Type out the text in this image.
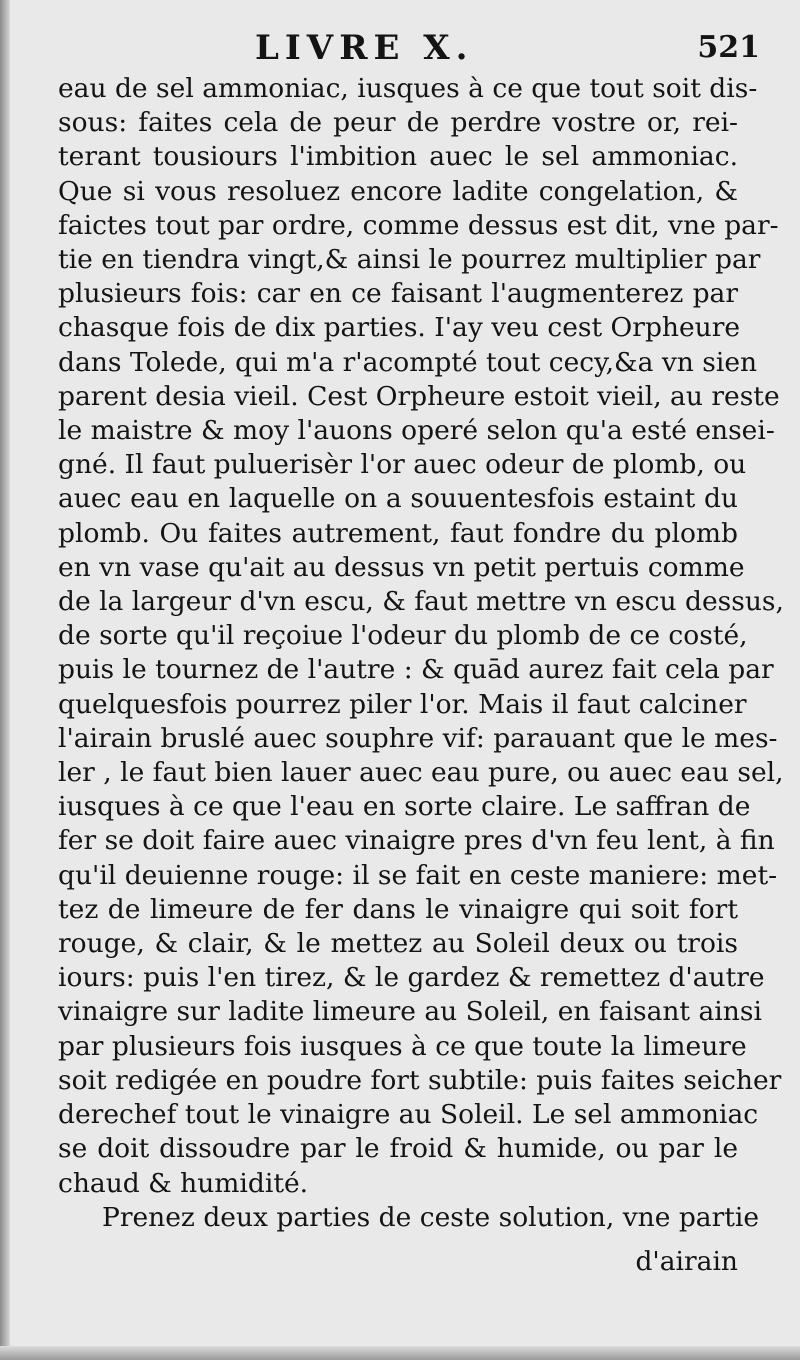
LIVRE X.	521
eau de sel ammoniac, iusques à ce que tout soit dis-
sous: faites cela de peur de perdre vostre or, rei-
terant tousiours l'imbition auec le sel ammoniac.
Que si vous resoluez encore ladite congelation, &
faictes tout par ordre, comme dessus est dit, vne par-
tie en tiendra vingt,& ainsi le pourrez multiplier par
plusieurs fois: car en ce faisant l'augmenterez par
chasque fois de dix parties. I'ay veu cest Orpheure
dans Tolede, qui m'a r'acompté tout cecy,&a vn sien
parent desia vieil. Cest Orpheure estoit vieil, au reste
le maistre & moy l'auons operé selon qu'a esté ensei-
gné. Il faut puluerisèr l'or auec odeur de plomb, ou
auec eau en laquelle on a souuentesfois estaint du
plomb. Ou faites autrement, faut fondre du plomb
en vn vase qu'ait au dessus vn petit pertuis comme
de la largeur d'vn escu, & faut mettre vn escu dessus,
de sorte qu'il reçoiue l'odeur du plomb de ce costé,
puis le tournez de l'autre : & quād aurez fait cela par
quelquesfois pourrez piler l'or. Mais il faut calciner
l'airain bruslé auec souphre vif: parauant que le mes-
ler , le faut bien lauer auec eau pure, ou auec eau sel,
iusques à ce que l'eau en sorte claire. Le saffran de
fer se doit faire auec vinaigre pres d'vn feu lent, à fin
qu'il deuienne rouge: il se fait en ceste maniere: met-
tez de limeure de fer dans le vinaigre qui soit fort
rouge, & clair, & le mettez au Soleil deux ou trois
iours: puis l'en tirez, & le gardez & remettez d'autre
vinaigre sur ladite limeure au Soleil, en faisant ainsi
par plusieurs fois iusques à ce que toute la limeure
soit redigée en poudre fort subtile: puis faites seicher
derechef tout le vinaigre au Soleil. Le sel ammoniac
se doit dissoudre par le froid & humide, ou par le
chaud & humidité.
Prenez deux parties de ceste solution, vne partie
d'airain
